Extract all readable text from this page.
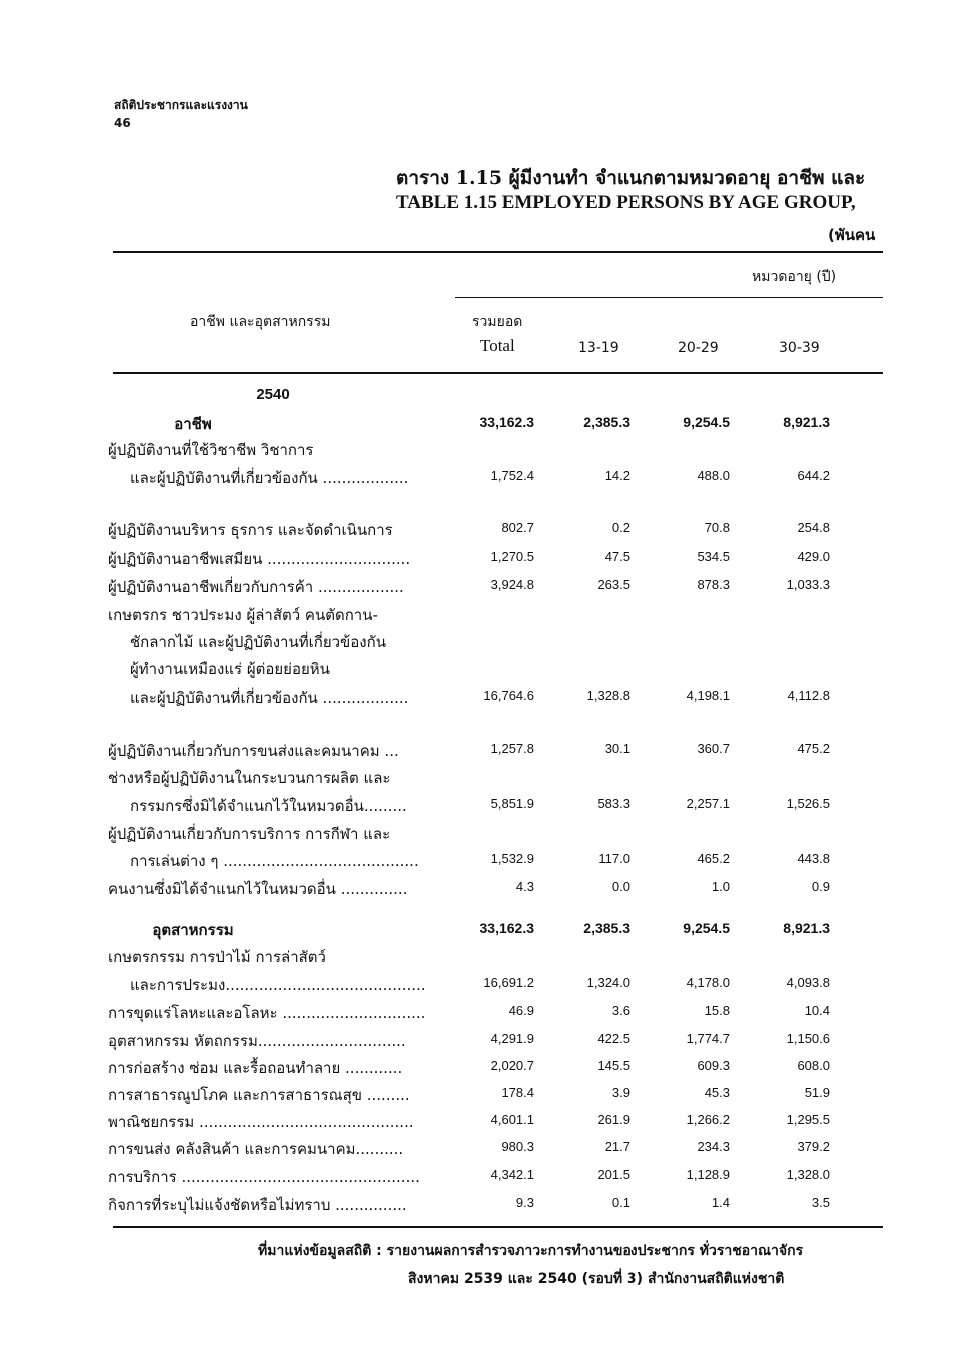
สถิติประชากรและแรงงาน
46
ตาราง 1.15 ผู้มีงานทำ จำแนกตามหมวดอายุ อาชีพ และ
TABLE 1.15 EMPLOYED PERSONS BY AGE GROUP,
(พันคน
หมวดอายุ (ปี)
อาชีพ และอุตสาหกรรม	รวมยอด
Total	13-19	20-29	30-39
2540
อาชีพ	33,162.3	2,385.3	9,254.5	8,921.3
ผู้ปฏิบัติงานที่ใช้วิชาชีพ วิชาการ
และผู้ปฏิบัติงานที่เกี่ยวข้องกัน ..................	1,752.4	14.2	488.0	644.2
ผู้ปฏิบัติงานบริหาร ธุรการ และจัดดำเนินการ	802.7	0.2	70.8	254.8
ผู้ปฏิบัติงานอาชีพเสมียน ..............................	1,270.5	47.5	534.5	429.0
ผู้ปฏิบัติงานอาชีพเกี่ยวกับการค้า ..................	3,924.8	263.5	878.3	1,033.3
เกษตรกร ชาวประมง ผู้ล่าสัตว์ คนตัดกาน-
ชักลากไม้ และผู้ปฏิบัติงานที่เกี่ยวข้องกัน
ผู้ทำงานเหมืองแร่ ผู้ต่อยย่อยหิน
และผู้ปฏิบัติงานที่เกี่ยวข้องกัน ..................	16,764.6	1,328.8	4,198.1	4,112.8
ผู้ปฏิบัติงานเกี่ยวกับการขนส่งและคมนาคม ...	1,257.8	30.1	360.7	475.2
ช่างหรือผู้ปฏิบัติงานในกระบวนการผลิต และ
กรรมกรซึ่งมิได้จำแนกไว้ในหมวดอื่น.........	5,851.9	583.3	2,257.1	1,526.5
ผู้ปฏิบัติงานเกี่ยวกับการบริการ การกีฬา และ
การเล่นต่าง ๆ .........................................	1,532.9	117.0	465.2	443.8
คนงานซึ่งมิได้จำแนกไว้ในหมวดอื่น ..............	4.3	0.0	1.0	0.9
อุตสาหกรรม	33,162.3	2,385.3	9,254.5	8,921.3
เกษตรกรรม การป่าไม้ การล่าสัตว์
และการประมง..........................................	16,691.2	1,324.0	4,178.0	4,093.8
การขุดแร่โลหะและอโลหะ ..............................	46.9	3.6	15.8	10.4
อุตสาหกรรม หัตถกรรม...............................	4,291.9	422.5	1,774.7	1,150.6
การก่อสร้าง ซ่อม และรื้อถอนทำลาย ............	2,020.7	145.5	609.3	608.0
การสาธารณูปโภค และการสาธารณสุข .........	178.4	3.9	45.3	51.9
พาณิชยกรรม .............................................	4,601.1	261.9	1,266.2	1,295.5
การขนส่ง คลังสินค้า และการคมนาคม..........	980.3	21.7	234.3	379.2
การบริการ ..................................................	4,342.1	201.5	1,128.9	1,328.0
กิจการที่ระบุไม่แจ้งชัดหรือไม่ทราบ ...............	9.3	0.1	1.4	3.5
ที่มาแห่งข้อมูลสถิติ : รายงานผลการสำรวจภาวะการทำงานของประชากร ทั่วราชอาณาจักร
สิงหาคม 2539 และ 2540 (รอบที่ 3) สำนักงานสถิติแห่งชาติ
